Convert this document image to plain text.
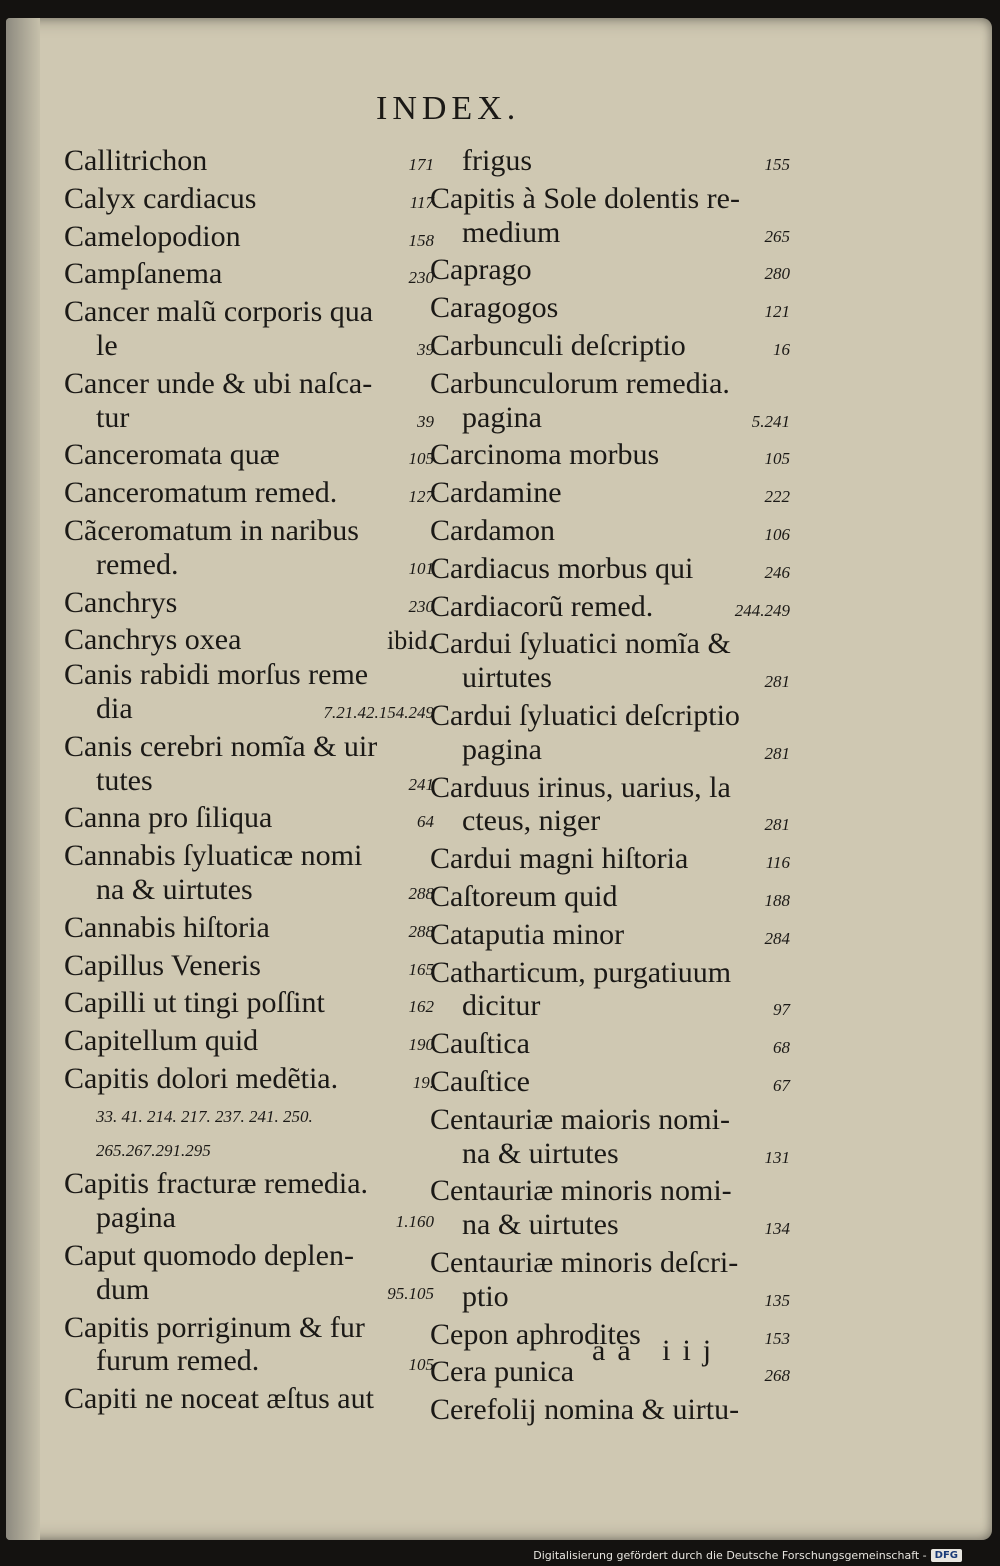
INDEX.
Callitrichon	171
Calyx cardiacus	117
Camelopodion	158
Campſanema	230
Cancer malũ corporis qua
le	39
Cancer unde & ubi naſca-
tur	39
Canceromata quæ	105
Canceromatum remed.	127
Cãceromatum in naribus
remed.	101
Canchrys	230
Canchrys oxea	ibid.
Canis rabidi morſus reme
dia	7.21.42.154.249
Canis cerebri nomĩa & uir
tutes	241
Canna pro ſiliqua	64
Cannabis ſyluaticæ nomi
na & uirtutes	288
Cannabis hiſtoria	288
Capillus Veneris	165
Capilli ut tingi poſſint	162
Capitellum quid	190
Capitis dolori medẽtia.	19.
33. 41. 214. 217. 237. 241. 250.
265.267.291.295
Capitis fracturæ remedia.
pagina	1.160
Caput quomodo deplen-
dum	95.105
Capitis porriginum & fur
furum remed.	105
Capiti ne noceat æſtus aut
frigus	155
Capitis à Sole dolentis re-
medium	265
Caprago	280
Caragogos	121
Carbunculi deſcriptio	16
Carbunculorum remedia.
pagina	5.241
Carcinoma morbus	105
Cardamine	222
Cardamon	106
Cardiacus morbus qui	246
Cardiacorũ remed.	244.249
Cardui ſyluatici nomĩa &
uirtutes	281
Cardui ſyluatici deſcriptio
pagina	281
Carduus irinus, uarius, la
cteus, niger	281
Cardui magni hiſtoria	116
Caſtoreum quid	188
Cataputia minor	284
Catharticum, purgatiuum
dicitur	97
Cauſtica	68
Cauſtice	67
Centauriæ maioris nomi-
na & uirtutes	131
Centauriæ minoris nomi-
na & uirtutes	134
Centauriæ minoris deſcri-
ptio	135
Cepon aphrodites	153
Cera punica	268
Cerefolij nomina & uirtu-
aa iij
Digitalisierung gefördert durch die Deutsche Forschungsgemeinschaft - DFG
